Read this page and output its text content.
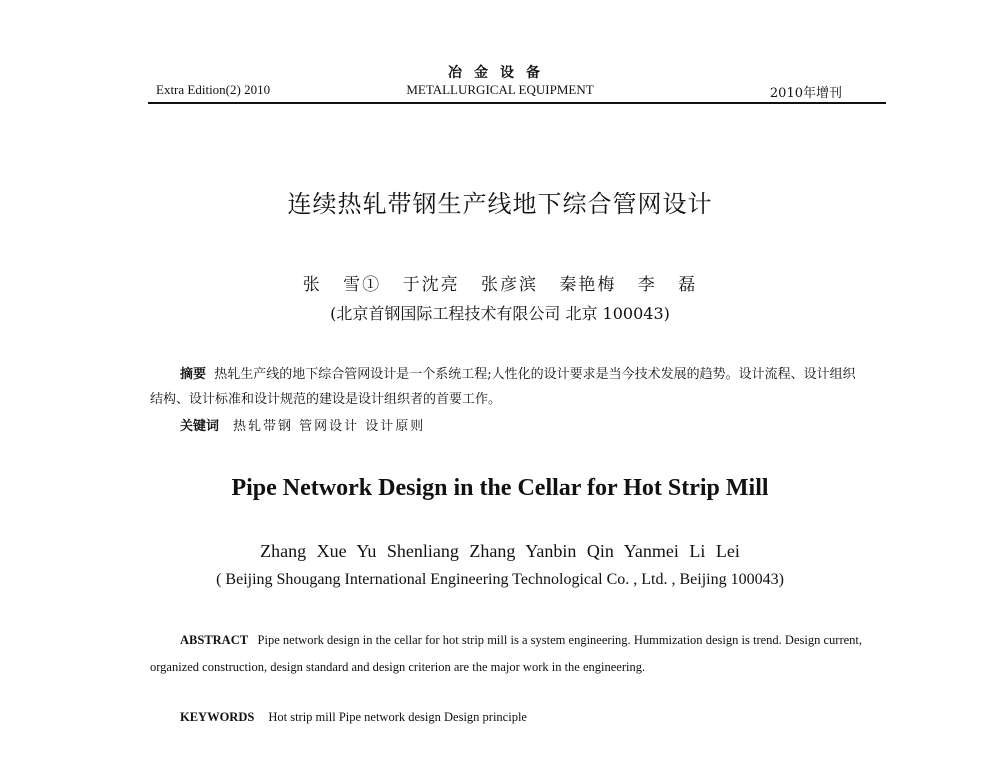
Extra Edition(2) 2010
冶金设备
METALLURGICAL EQUIPMENT	2010年增刊
连续热轧带钢生产线地下综合管网设计
张 雪① 于沈亮 张彦滨 秦艳梅 李 磊
(北京首钢国际工程技术有限公司 北京 100043)
摘要 热轧生产线的地下综合管网设计是一个系统工程;人性化的设计要求是当今技术发展的趋势。设计流程、设计组织结构、设计标准和设计规范的建设是设计组织者的首要工作。
关键词 热轧带钢 管网设计 设计原则
Pipe Network Design in the Cellar for Hot Strip Mill
Zhang Xue Yu Shenliang Zhang Yanbin Qin Yanmei Li Lei
( Beijing Shougang International Engineering Technological Co. , Ltd. , Beijing 100043)
ABSTRACT Pipe network design in the cellar for hot strip mill is a system engineering. Hummization design is trend. Design current, organized construction, design standard and design criterion are the major work in the engineering.
KEYWORDS Hot strip mill Pipe network design Design principle
